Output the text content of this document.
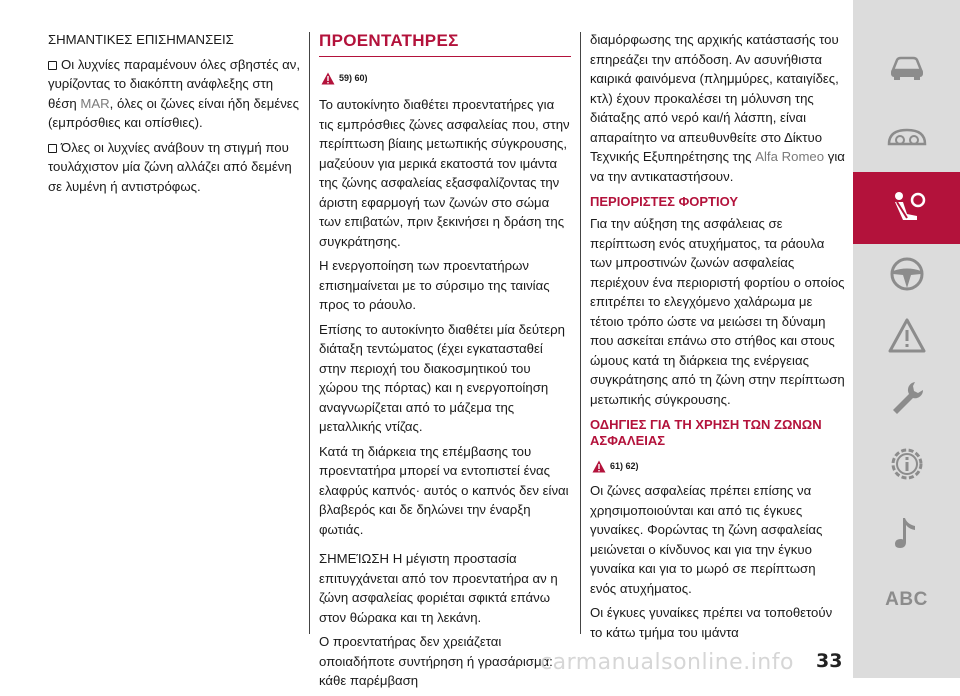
ΣΗΜΑΝΤΙΚΕΣ ΕΠΙΣΗΜΑΝΣΕΙΣ

Οι λυχνίες παραμένουν όλες σβηστές αν, γυρίζοντας το διακόπτη ανάφλεξης στη θέση MAR, όλες οι ζώνες είναι ήδη δεμένες (εμπρόσθιες και οπίσθιες).

Όλες οι λυχνίες ανάβουν τη στιγμή που τουλάχιστον μία ζώνη αλλάζει από δεμένη σε λυμένη ή αντιστρόφως.

ΠΡΟΕΝΤΑΤΗΡΕΣ
59) 60)

Το αυτοκίνητο διαθέτει προεντατήρες για τις εμπρόσθιες ζώνες ασφαλείας που, στην περίπτωση βίαιης μετωπικής σύγκρουσης, μαζεύουν για μερικά εκατοστά τον ιμάντα της ζώνης ασφαλείας εξασφαλίζοντας την άριστη εφαρμογή των ζωνών στο σώμα των επιβατών, πριν ξεκινήσει η δράση της συγκράτησης.

Η ενεργοποίηση των προεντατήρων επισημαίνεται με το σύρσιμο της ταινίας προς το ράουλο.

Επίσης το αυτοκίνητο διαθέτει μία δεύτερη διάταξη τεντώματος (έχει εγκατασταθεί στην περιοχή του διακοσμητικού του χώρου της πόρτας) και η ενεργοποίηση αναγνωρίζεται από το μάζεμα της μεταλλικής ντίζας.

Κατά τη διάρκεια της επέμβασης του προεντατήρα μπορεί να εντοπιστεί ένας ελαφρύς καπνός· αυτός ο καπνός δεν είναι βλαβερός και δε δηλώνει την έναρξη φωτιάς.

ΣΗΜΕΊΩΣΗ Η μέγιστη προστασία επιτυγχάνεται από τον προεντατήρα αν η ζώνη ασφαλείας φοριέται σφικτά επάνω στον θώρακα και τη λεκάνη.

Ο προεντατήρας δεν χρειάζεται οποιαδήποτε συντήρηση ή γρασάρισμα: κάθε παρέμβαση

διαμόρφωσης της αρχικής κατάστασής του επηρεάζει την απόδοση. Αν ασυνήθιστα καιρικά φαινόμενα (πλημμύρες, καταιγίδες, κτλ) έχουν προκαλέσει τη μόλυνση της διάταξης από νερό και/ή λάσπη, είναι απαραίτητο να απευθυνθείτε στο Δίκτυο Τεχνικής Εξυπηρέτησης της Alfa Romeo για να την αντικαταστήσουν.

ΠΕΡΙΟΡΙΣΤΕΣ ΦΟΡΤΙΟΥ

Για την αύξηση της ασφάλειας σε περίπτωση ενός ατυχήματος, τα ράουλα των μπροστινών ζωνών ασφαλείας περιέχουν ένα περιοριστή φορτίου ο οποίος επιτρέπει το ελεγχόμενο χαλάρωμα με τέτοιο τρόπο ώστε να μειώσει τη δύναμη που ασκείται επάνω στο στήθος και στους ώμους κατά τη διάρκεια της ενέργειας συγκράτησης από τη ζώνη στην περίπτωση μετωπικής σύγκρουσης.

ΟΔΗΓΙΕΣ ΓΙΑ ΤΗ ΧΡΗΣΗ ΤΩΝ ΖΩΝΩΝ ΑΣΦΑΛΕΙΑΣ
61) 62)

Οι ζώνες ασφαλείας πρέπει επίσης να χρησιμοποιούνται και από τις έγκυες γυναίκες. Φορώντας τη ζώνη ασφαλείας μειώνεται ο κίνδυνος και για την έγκυο γυναίκα και για το μωρό σε περίπτωση ενός ατυχήματος.

Οι έγκυες γυναίκες πρέπει να τοποθετούν το κάτω τμήμα του ιμάντα

ABC
carmanualsonline.info	33
